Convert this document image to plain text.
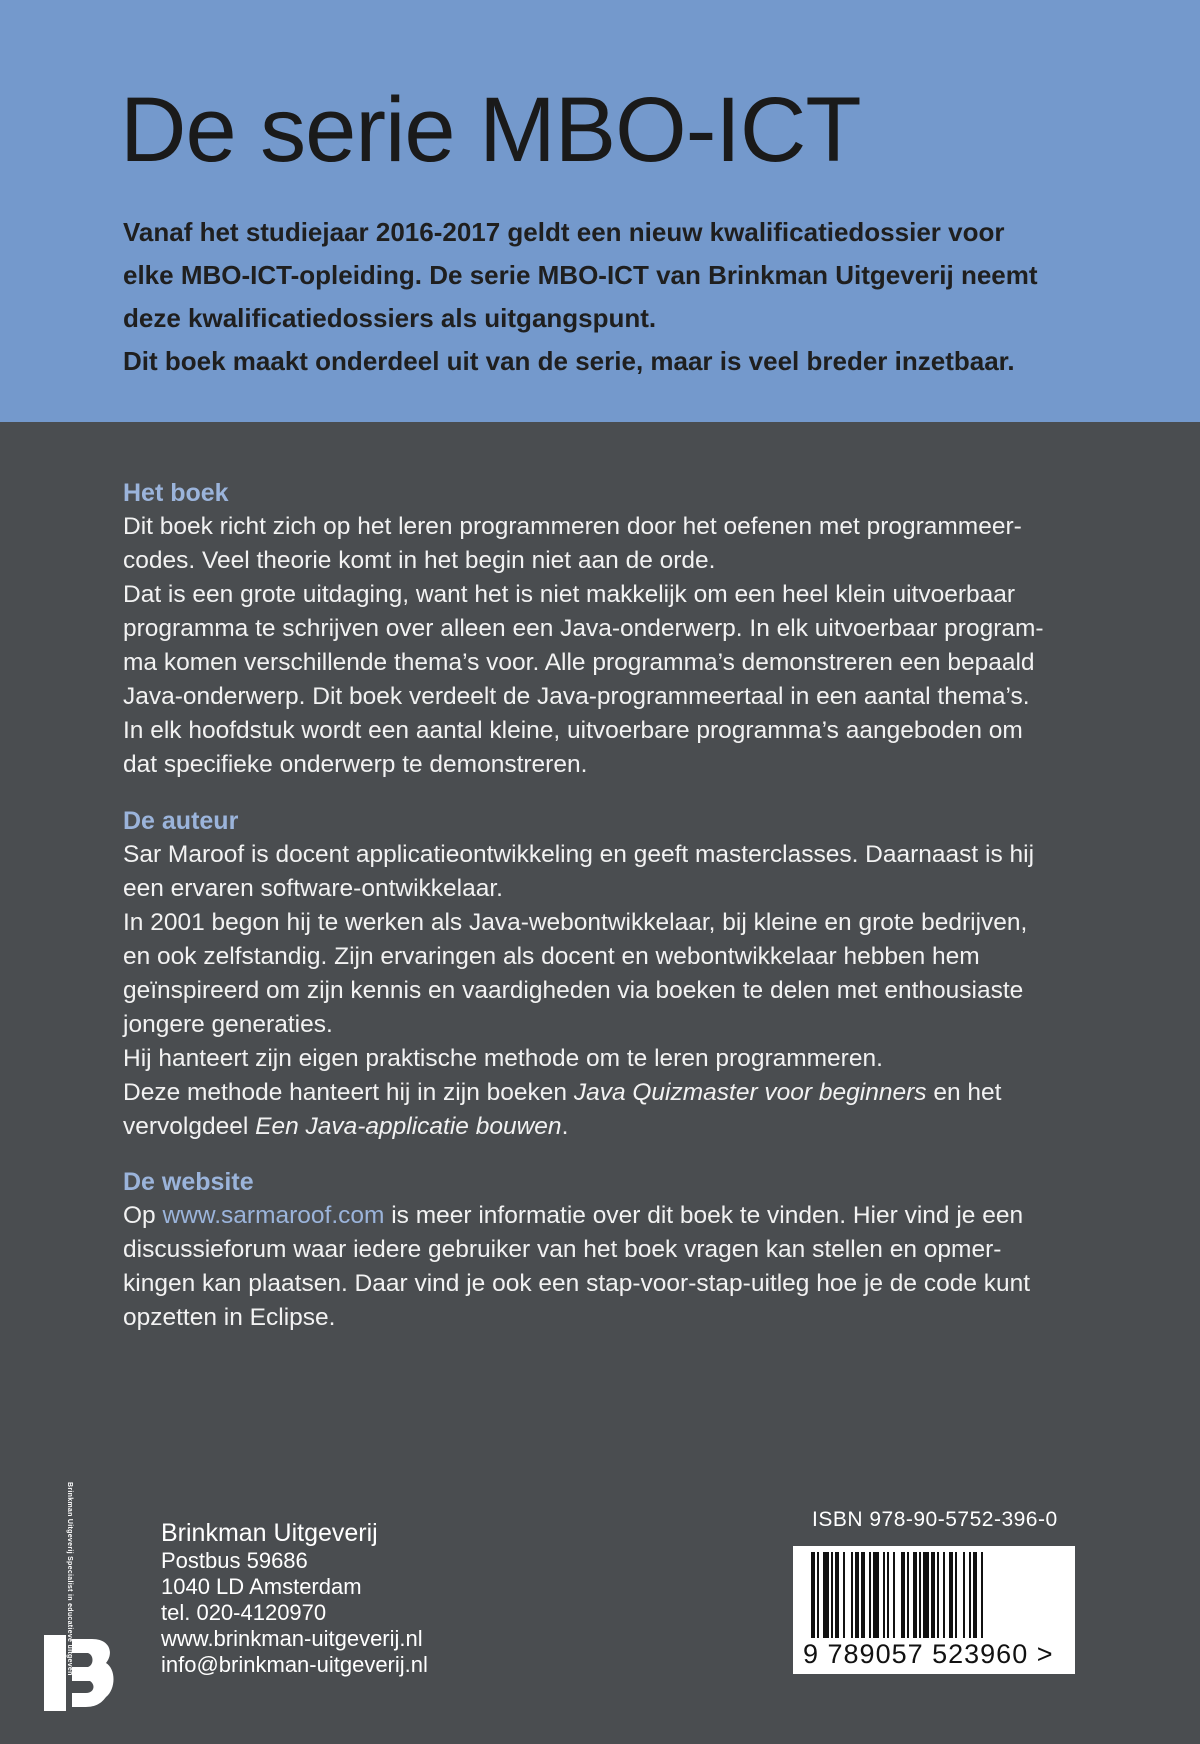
De serie MBO-ICT
Vanaf het studiejaar 2016-2017 geldt een nieuw kwalificatiedossier voor
elke MBO-ICT-opleiding. De serie MBO-ICT van Brinkman Uitgeverij neemt
deze kwalificatiedossiers als uitgangspunt.
Dit boek maakt onderdeel uit van de serie, maar is veel breder inzetbaar.
Het boek
Dit boek richt zich op het leren programmeren door het oefenen met programmeer-
codes. Veel theorie komt in het begin niet aan de orde.
Dat is een grote uitdaging, want het is niet makkelijk om een heel klein uitvoerbaar
programma te schrijven over alleen een Java-onderwerp. In elk uitvoerbaar program-
ma komen verschillende thema’s voor. Alle programma’s demonstreren een bepaald
Java-onderwerp. Dit boek verdeelt de Java-programmeertaal in een aantal thema’s.
In elk hoofdstuk wordt een aantal kleine, uitvoerbare programma’s aangeboden om
dat specifieke onderwerp te demonstreren.
De auteur
Sar Maroof is docent applicatieontwikkeling en geeft masterclasses. Daarnaast is hij
een ervaren software-ontwikkelaar.
In 2001 begon hij te werken als Java-webontwikkelaar, bij kleine en grote bedrijven,
en ook zelfstandig. Zijn ervaringen als docent en webontwikkelaar hebben hem
geïnspireerd om zijn kennis en vaardigheden via boeken te delen met enthousiaste
jongere generaties.
Hij hanteert zijn eigen praktische methode om te leren programmeren.
Deze methode hanteert hij in zijn boeken Java Quizmaster voor beginners en het
vervolgdeel Een Java-applicatie bouwen.
De website
Op www.sarmaroof.com is meer informatie over dit boek te vinden. Hier vind je een
discussieforum waar iedere gebruiker van het boek vragen kan stellen en opmer-
kingen kan plaatsen. Daar vind je ook een stap-voor-stap-uitleg hoe je de code kunt
opzetten in Eclipse.
Brinkman Uitgeverij Specialist in educatieve uitgeven	Brinkman Uitgeverij
Postbus 59686
1040 LD Amsterdam
tel. 020-4120970
www.brinkman-uitgeverij.nl
info@brinkman-uitgeverij.nl
ISBN 978-90-5752-396-0
9 789057 523960 >
